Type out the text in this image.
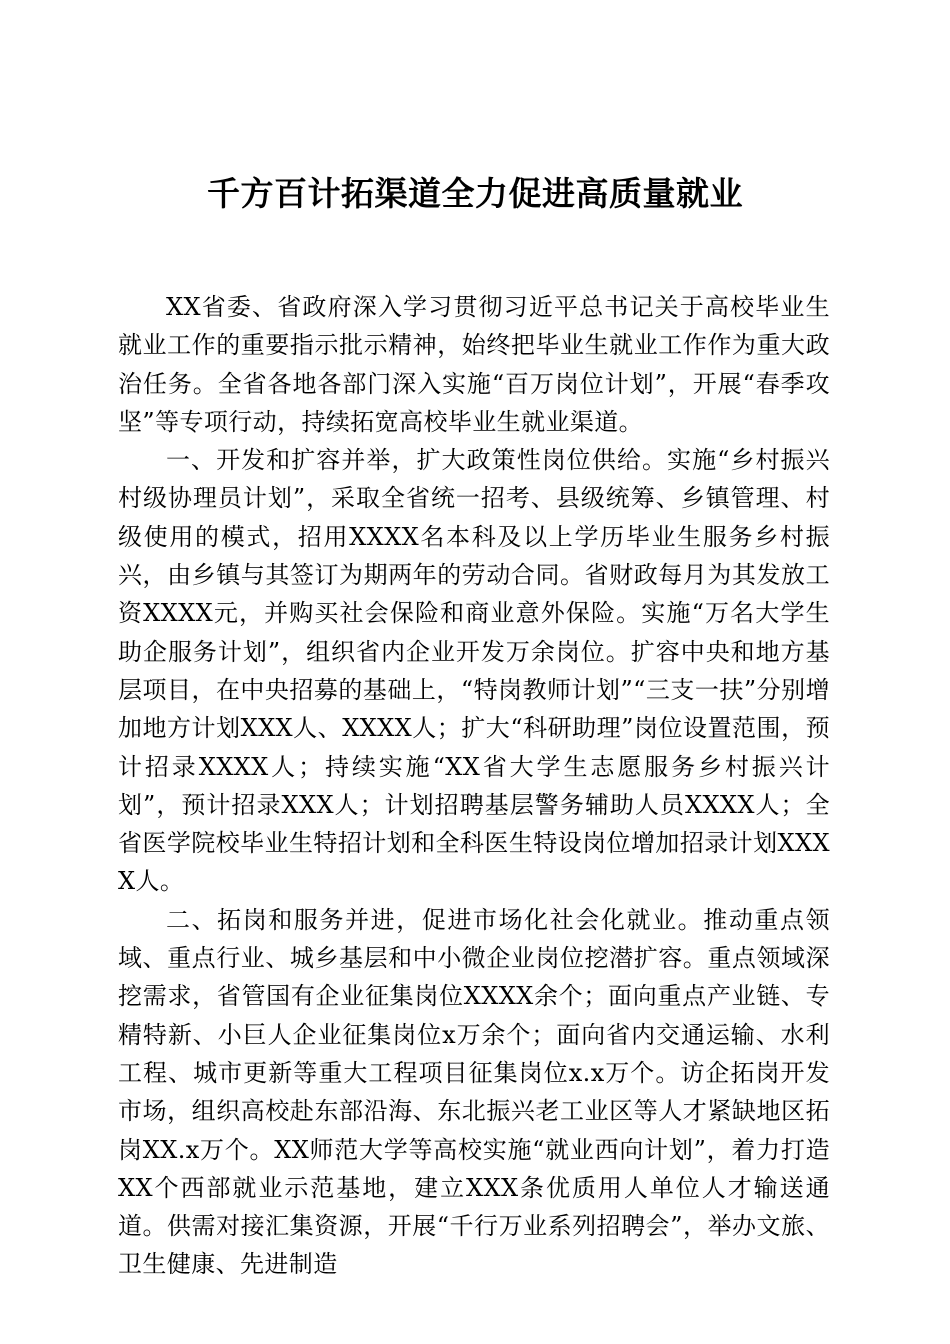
千方百计拓渠道全力促进高质量就业

XX省委、省政府深入学习贯彻习近平总书记关于高校毕业生就业工作的重要指示批示精神，始终把毕业生就业工作作为重大政治任务。全省各地各部门深入实施“百万岗位计划”，开展“春季攻坚”等专项行动，持续拓宽高校毕业生就业渠道。

一、开发和扩容并举，扩大政策性岗位供给。实施“乡村振兴村级协理员计划”，采取全省统一招考、县级统筹、乡镇管理、村级使用的模式，招用XXXX名本科及以上学历毕业生服务乡村振兴，由乡镇与其签订为期两年的劳动合同。省财政每月为其发放工资XXXX元，并购买社会保险和商业意外保险。实施“万名大学生助企服务计划”，组织省内企业开发万余岗位。扩容中央和地方基层项目，在中央招募的基础上，“特岗教师计划”“三支一扶”分别增加地方计划XXX人、XXXX人；扩大“科研助理”岗位设置范围，预计招录XXXX人；持续实施“XX省大学生志愿服务乡村振兴计划”，预计招录XXX人；计划招聘基层警务辅助人员XXXX人；全省医学院校毕业生特招计划和全科医生特设岗位增加招录计划XXXX人。

二、拓岗和服务并进，促进市场化社会化就业。推动重点领域、重点行业、城乡基层和中小微企业岗位挖潜扩容。重点领域深挖需求，省管国有企业征集岗位XXXX余个；面向重点产业链、专精特新、小巨人企业征集岗位x万余个；面向省内交通运输、水利工程、城市更新等重大工程项目征集岗位x.x万个。访企拓岗开发市场，组织高校赴东部沿海、东北振兴老工业区等人才紧缺地区拓岗XX.x万个。XX师范大学等高校实施“就业西向计划”，着力打造XX个西部就业示范基地，建立XXX条优质用人单位人才输送通道。供需对接汇集资源，开展“千行万业系列招聘会”，举办文旅、卫生健康、先进制造
